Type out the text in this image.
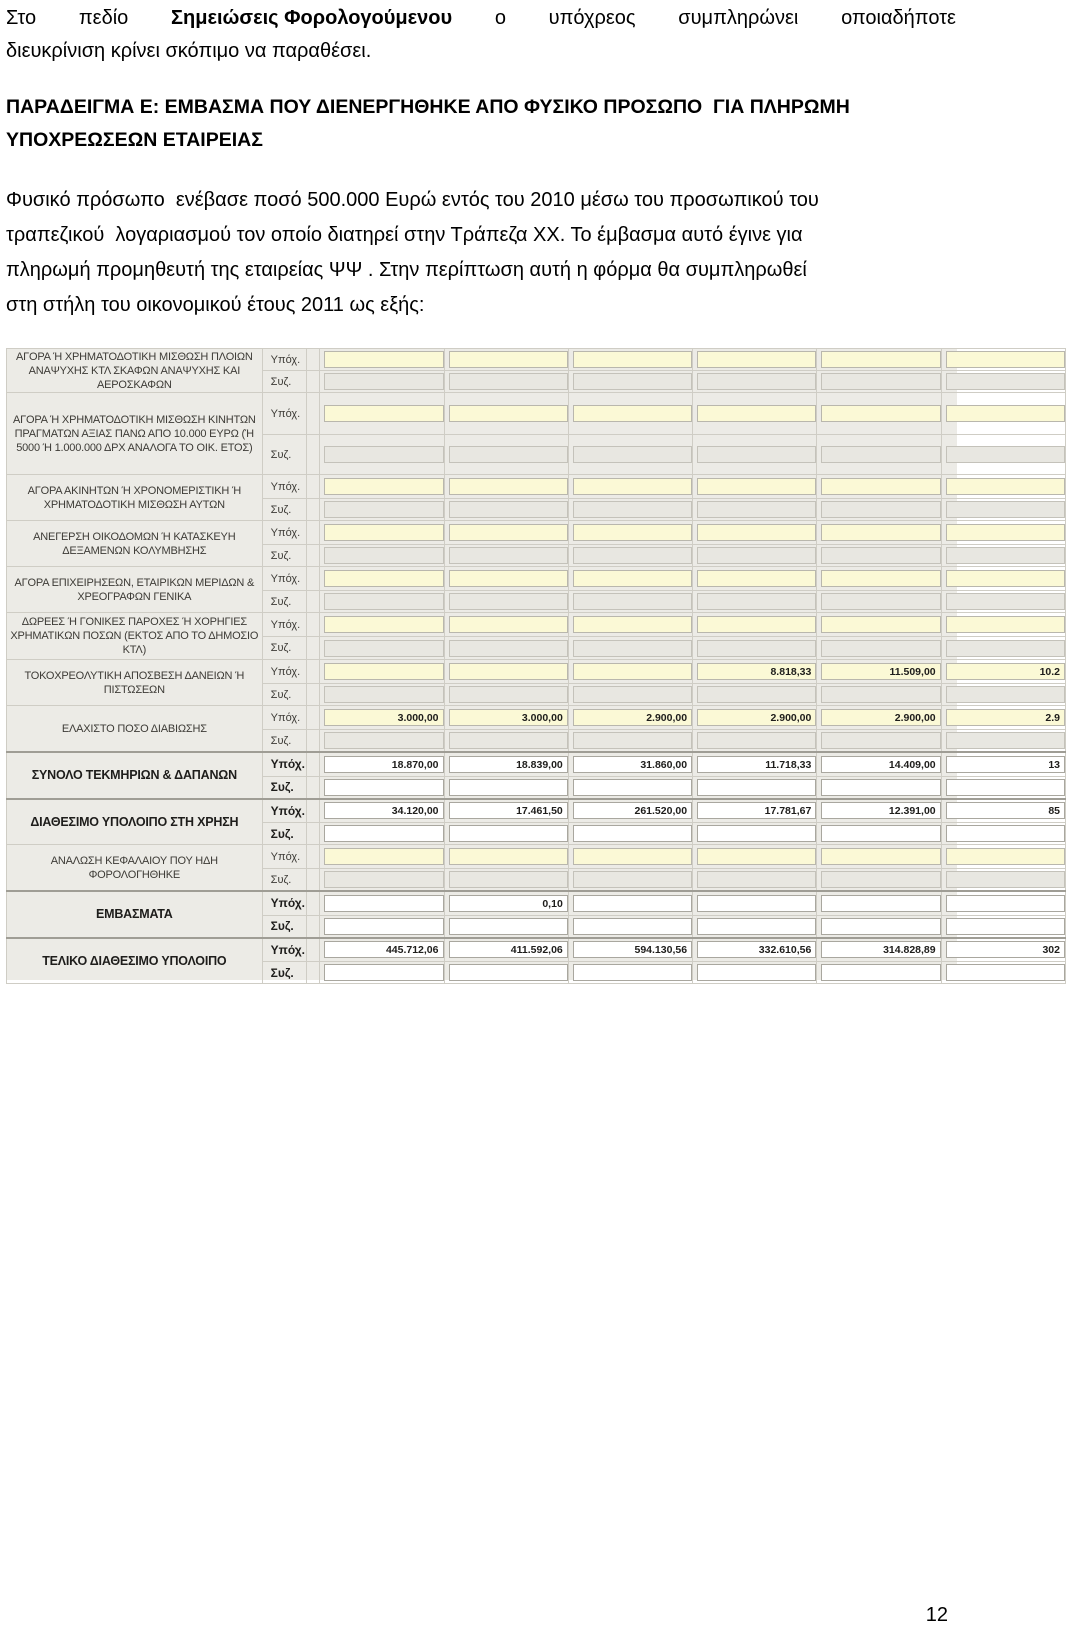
Στο πεδίο Σημειώσεις Φορολογούμενου ο υπόχρεος συμπληρώνει οποιαδήποτε
διευκρίνιση κρίνει σκόπιμο να παραθέσει.
ΠΑΡΑΔΕΙΓΜΑ Ε: ΕΜΒΑΣΜΑ ΠΟΥ ΔΙΕΝΕΡΓΗΘΗΚΕ ΑΠΟ ΦΥΣΙΚΟ ΠΡΟΣΩΠΟ  ΓΙΑ ΠΛΗΡΩΜΗ
ΥΠΟΧΡΕΩΣΕΩΝ ΕΤΑΙΡΕΙΑΣ
Φυσικό πρόσωπο  ενέβασε ποσό 500.000 Ευρώ εντός του 2010 μέσω του προσωπικού του
τραπεζικού  λογαριασμού τον οποίο διατηρεί στην Τράπεζα ΧΧ. Το έμβασμα αυτό έγινε για
πληρωμή προμηθευτή της εταιρείας ΨΨ . Στην περίπτωση αυτή η φόρμα θα συμπληρωθεί
στη στήλη του οικονομικού έτους 2011 ως εξής:
ΑΓΟΡΑ Ή ΧΡΗΜΑΤΟΔΟΤΙΚΗ ΜΙΣΘΩΣΗ ΠΛΟΙΩΝ ΑΝΑΨΥΧΗΣ ΚΤΛ ΣΚΑΦΩΝ ΑΝΑΨΥΧΗΣ ΚΑΙ ΑΕΡΟΣΚΑΦΩΝ	Υπόχ.		

	Συζ.		

ΑΓΟΡΑ Ή ΧΡΗΜΑΤΟΔΟΤΙΚΗ ΜΙΣΘΩΣΗ ΚΙΝΗΤΩΝ ΠΡΑΓΜΑΤΩΝ ΑΞΙΑΣ ΠΑΝΩ ΑΠΟ 10.000 ΕΥΡΩ (Ή 5000 Ή 1.000.000 ΔΡΧ ΑΝΑΛΟΓΑ ΤΟ ΟΙΚ. ΕΤΟΣ)	Υπόχ.		

	Συζ.		

ΑΓΟΡΑ ΑΚΙΝΗΤΩΝ Ή ΧΡΟΝΟΜΕΡΙΣΤΙΚΗ Ή ΧΡΗΜΑΤΟΔΟΤΙΚΗ ΜΙΣΘΩΣΗ ΑΥΤΩΝ	Υπόχ.		

	Συζ.		

ΑΝΕΓΕΡΣΗ ΟΙΚΟΔΟΜΩΝ Ή ΚΑΤΑΣΚΕΥΗ ΔΕΞΑΜΕΝΩΝ ΚΟΛΥΜΒΗΣΗΣ	Υπόχ.		

	Συζ.		

ΑΓΟΡΑ ΕΠΙΧΕΙΡΗΣΕΩΝ, ΕΤΑΙΡΙΚΩΝ ΜΕΡΙΔΩΝ & ΧΡΕΟΓΡΑΦΩΝ ΓΕΝΙΚΑ	Υπόχ.		

	Συζ.		

ΔΩΡΕΕΣ Ή ΓΟΝΙΚΕΣ ΠΑΡΟΧΕΣ Ή ΧΟΡΗΓΙΕΣ ΧΡΗΜΑΤΙΚΩΝ ΠΟΣΩΝ (ΕΚΤΟΣ ΑΠΟ ΤΟ ΔΗΜΟΣΙΟ ΚΤΛ)	Υπόχ.		

	Συζ.		

ΤΟΚΟΧΡΕΟΛΥΤΙΚΗ ΑΠΟΣΒΕΣΗ ΔΑΝΕΙΩΝ Ή ΠΙΣΤΩΣΕΩΝ	Υπόχ.					8.818,33	11.509,00	10.2

	Συζ.		

ΕΛΑΧΙΣΤΟ ΠΟΣΟ ΔΙΑΒΙΩΣΗΣ	Υπόχ.		3.000,00	3.000,00	2.900,00	2.900,00	2.900,00	2.9

	Συζ.		

ΣΥΝΟΛΟ ΤΕΚΜΗΡΙΩΝ & ΔΑΠΑΝΩΝ	Υπόχ.		18.870,00	18.839,00	31.860,00	11.718,33	14.409,00	13

	Συζ.		

ΔΙΑΘΕΣΙΜΟ ΥΠΟΛΟΙΠΟ ΣΤΗ ΧΡΗΣΗ	Υπόχ.		34.120,00	17.461,50	261.520,00	17.781,67	12.391,00	85

	Συζ.		

ΑΝΑΛΩΣΗ ΚΕΦΑΛΑΙΟΥ ΠΟΥ ΗΔΗ ΦΟΡΟΛΟΓΗΘΗΚΕ	Υπόχ.		

	Συζ.		

ΕΜΒΑΣΜΑΤΑ	Υπόχ.			0,10				

	Συζ.		

ΤΕΛΙΚΟ ΔΙΑΘΕΣΙΜΟ ΥΠΟΛΟΙΠΟ	Υπόχ.		445.712,06	411.592,06	594.130,56	332.610,56	314.828,89	302

	Συζ.		

12
